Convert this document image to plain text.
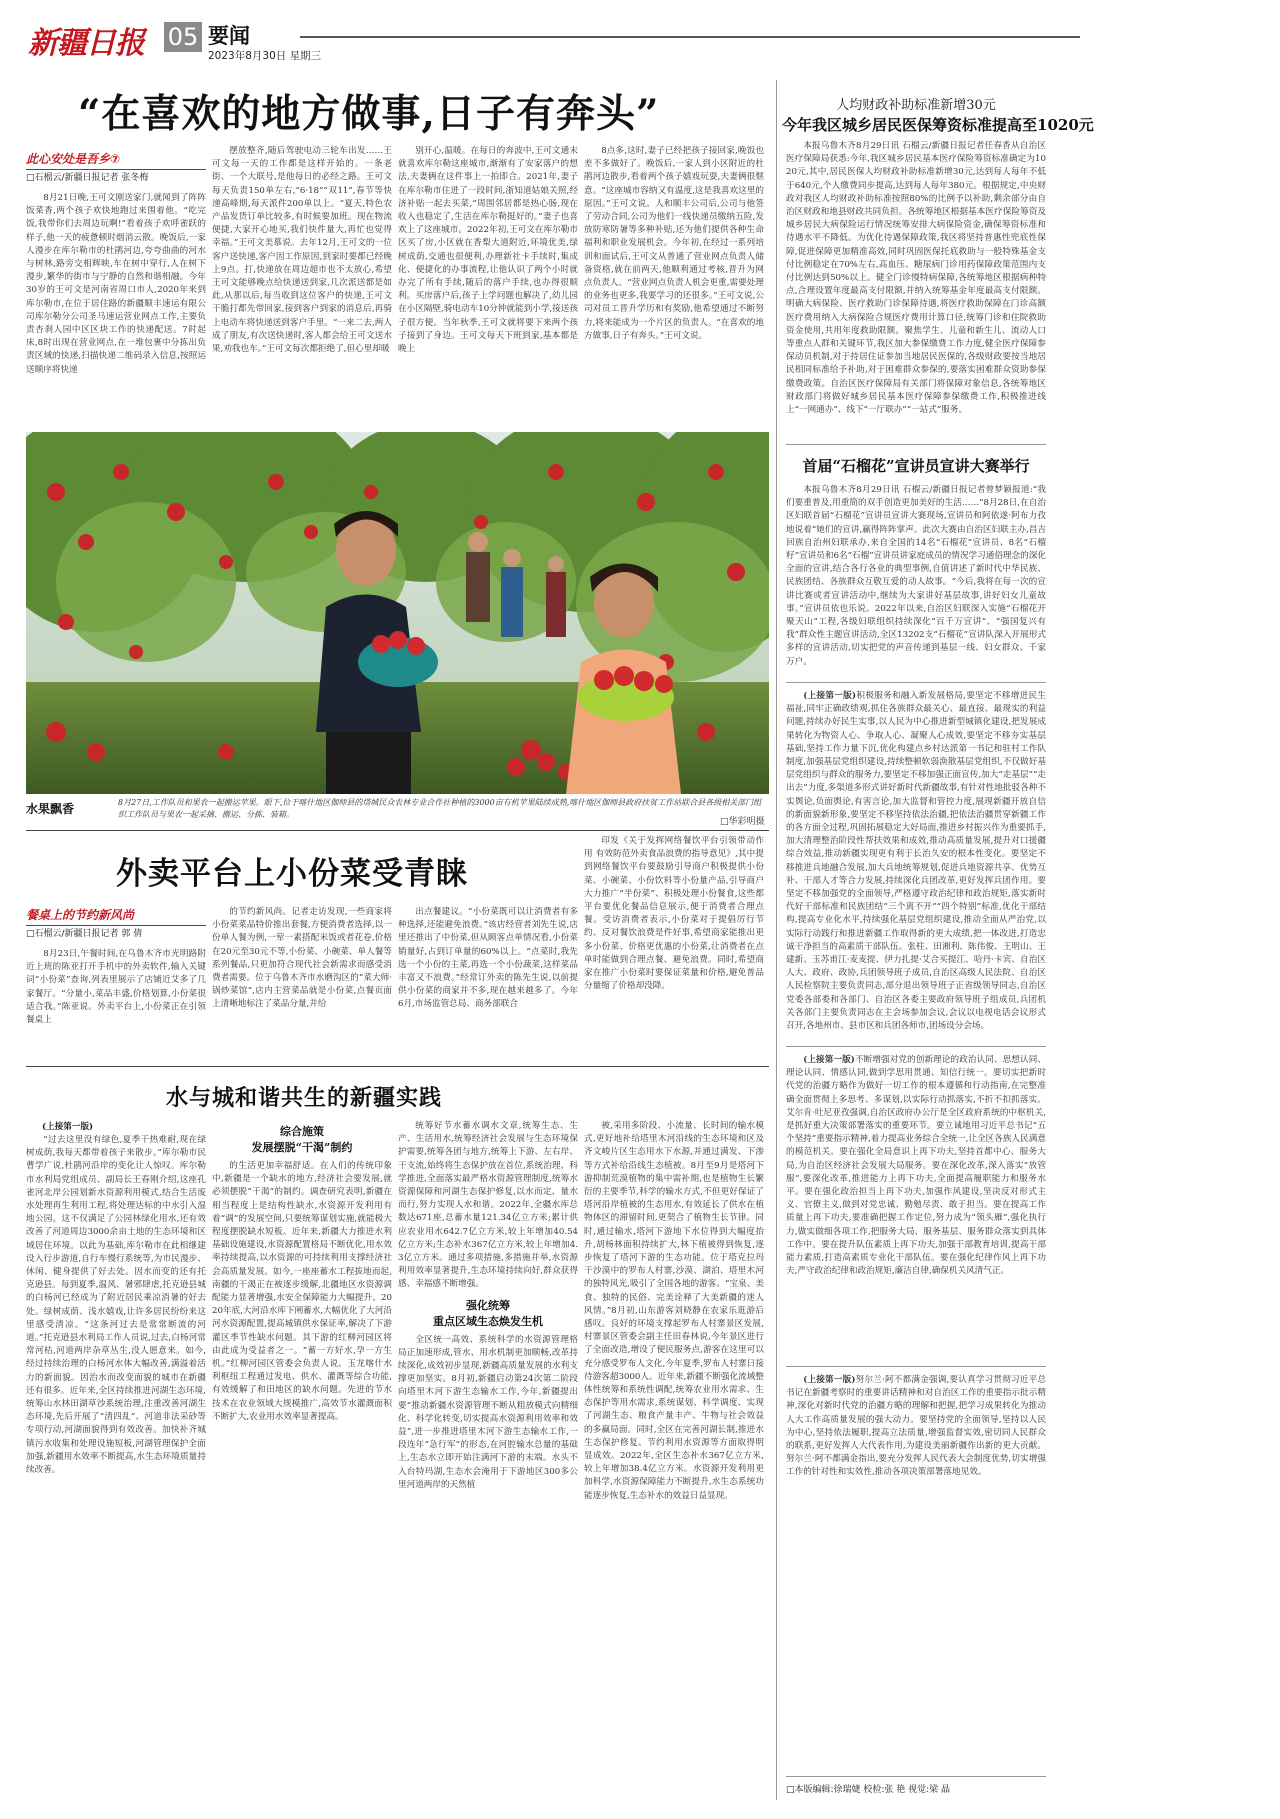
新疆日报 05 要闻
2023年8月30日 星期三
“在喜欢的地方做事,日子有奔头”
此心安处是吾乡⑦
□石榴云/新疆日报记者 张冬梅

8月21日晚,王可文刚送家门,就闻到了阵阵饭菜香,两个孩子欢快地跑过来围着他。“吃完饭,我带你们去周边玩啊!”看着孩子欢呼雀跃的样子,他一天的疲惫顿时烟消云散。晚饭后,一家人漫步在库尔勒市的杜鹃河边,夸夸曲曲的河水与树林,路旁交相辉映,车在树中穿行,人在树下漫步,繁华的街市与宁静的自然和谐相融。今年30岁的王可文是河南省周口市人,2020年来到库尔勒市,在位于居住路的新疆顺丰速运有限公司库尔勒分公司圣马速运营业网点工作,主要负责杏刹人园中区区块工作的快递配送。7时起床,8时出现在营业网点,在一堆包裹中分拣出负责区域的快递,扫描快递二维码录入信息,按照运送顺序将快递

摆放整齐,随后驾驶电动三轮车出发……王可文每一天的工作都是这样开始的。一条老街、一个大联号,是他每日的必经之路。王可文每天负责150单左右,“6·18”“双11”,春节等快递高峰期,每天派件200单以上。“夏天,特色农产品发货订单比较多,有时候要加班。现在物流便捷,大家开心地买,我们快件量大,再忙也觉得幸福。”王可文美慕说。去年12月,王可文的一位客户送快递,客户因工作原因,到家时要都已经晚上9点。打,快递放在周边超市也不太放心,希望王可文能够晚点给快递送到家,几次派送都是如此,从那以后,每当收到这位客户的快递,王可文干脆打都先带回家,接到客户到家的消息后,再骑上电动车将快递送到客户手里。“一来二去,两人成了朋友,有次送快递时,客人都会给王可文送水果,劝我也车。”王可文每次都拒绝了,但心里却暖

别开心,温暖。在每日的奔波中,王可文通末就喜欢库尔勒这座城市,渐渐有了安家落户的想法,夫妻俩在这件事上一拍即合。2021年,妻子在库尔勒市住进了一段时间,浙知道姑娘关照,经济补贴一起去买菜,“周围邻居都是热心肠,现在收入也稳定了,生活在库尔勒挺好的。”妻子也喜欢上了这座城市。2022年初,王可文在库尔勒市区买了房,小区就在香梨大道附近,环境优美,绿树成荫,交通也很便利,办理新社卡手续时,集成化、便捷化的办事流程,让他认识了两个小时就办完了所有手续,随后的落户手续,也办得很顺利。买房落户后,孩子上学问题也解决了,幼儿园在小区隔壁,骑电动车10分钟就能到小学,接送孩子很方便。当年秋季,王可文就将要下来两个孩子接到了身边。王可文每天下班到家,基本都是晚上

8点多,这时,妻子已经把孩子接回家,晚饭也差不多做好了。晚饭后,一家人到小区附近的杜鹃河边散步,看着两个孩子嬉戏玩耍,夫妻俩很惬意。“这座城市容纳又有温度,这是我喜欢这里的原因。”王可文说。人和顺丰公司后,公司与他签了劳动合同,公司为他们一线快递员缴纳五险,发放防寒防暑等多种补贴,还为他们提供各种生命福利和职业发展机会。今年初,在经过一系列培训和面试后,王可文从普通了营业网点负责人储备资格,就在前两天,他顺利通过考核,晋升为网点负责人。“营业网点负责人机会更重,需要处理的业务也更多,我要学习的还很多。”王可文说,公司对员工晋升学历和有奖励,他希望通过不断努力,将来能成为一个片区的负责人。“在喜欢的地方做事,日子有奔头。”王可文说。

水果飘香	8月27日,工作队员和果农一起搬运苹果。眼下,位于喀什地区伽师县的塔城民众农林专业合作社种植的3000亩有机苹果陆续成熟,喀什地区伽师县政府扶贫工作站联合县各级相关部门组织工作队员与果农一起采摘、搬运、分拣、装箱。
□华彩明摄
外卖平台上小份菜受青睐
餐桌上的节约新风尚
□石榴云/新疆日报记者 郭 倩

8月23日,午餐时间,在乌鲁木齐市光明路附近上班的陈亚打开手机中的外卖软件,输入关键词“小份菜”查询,列表里展示了店铺近艾多了几家餐厅。“分量小,菜品丰盛,价格划算,小份菜很适合我。”陈亚说。外卖平台上,小份菜正在引领餐桌上

的节约新风尚。记者走访发现,一些商家将小份菜菜品特价推出套餐,方便消费者选择,以一份单人餐为例,一荤一素搭配米饭或者花卷,价格在20元至30元不等,小份菜、小碗菜、单人餐等系列餐品,只更加符合现代社会新需求而感受消费者需要。位于乌鲁木齐市水磨沟区的“菜大师·锅炒菜馆”,店内主营菜品就是小份菜,点餐页面上清晰地标注了菜品分量,并给

出点餐建议。“小份菜既可以让消费者有多种选择,还能避免浪费。”该店经营者刘先生说,店里还推出了中份菜,但从顾客点单情况看,小份菜销量好,占到订单量的60%以上。“点菜时,我先选一个小份的主菜,再选一个小份蔬菜,这样菜品丰富又不浪费。”经常订外卖的陈先生说,以前提供小份菜的商家并不多,现在越来越多了。今年6月,市场监管总局、商务部联合

印发《关于发挥网络餐饮平台引领带动作用 有效防范外卖食品浪费的指导意见》,其中提到网络餐饮平台要鼓励引导商户积极提供小份菜、小碗菜、小份饮料等小份量产品,引导商户大力推广“半份菜”、积极处理小份餐食,这些都平台要优化餐品信息展示,便于消费者合理点餐。受访消费者表示,小份菜对于提倡厉行节约、反对餐饮浪费是件好事,希望商家能推出更多小份菜、价格更优惠的小份菜,让消费者在点单时能做到合理点餐、避免浪费。同时,希望商家在推广小份菜时要保证菜量和价格,避免普品分量缩了价格却没降。

水与城和谐共生的新疆实践
(上接第一版)

“过去这里没有绿色,夏季干热难耐,现在绿树成荫,我每天都带着孩子来散步。”库尔勒市民曹学广说,杜鹃河沿岸的变化让人惊叹。库尔勒市水利局党组成员、副局长王春刚介绍,这座孔雀河北岸公园划新水资源利用模式,结合生活废水处理再生利用工程,将处理达标的中水引入湿地公园。这不仅满足了公园林绿化用水,还有效改善了河道周边3000余亩土地的生态环境和区域居住环境。以此为基础,库尔勒市在此相继建设入行步游道,自行车慢行系统等,为市民漫步、休闲、健身提供了好去处。因水而变的还有托克逊县。每到夏季,温风、暑邪肆虐,托克逊县城的白杨河已经成为了附近居民乘凉消暑的好去处。绿树成荫、浅水嬉戏,让许多居民纷纷来这里感受清凉。“这条河过去是常常断流的河道。”托克逊县水利局工作人员说,过去,白杨河常常河枯,河道两岸杂草丛生,没人愿意来。如今,经过持续治理的白杨河水体大幅改善,满溢着活力的新面貌。因治水而改变面貌的城市在新疆还有很多。近年来,全区持续推进河湖生态环境,统筹山水林田湖草沙系统治理,注重改善河湖生态环境,先后开展了“清四乱”、河道非法采砂等专项行动,河湖面貌得到有效改善。加快补齐城镇污水收集和处理设施短板,河湖管理保护全面加强,新疆用水效率不断提高,水生态环境质量持续改善。

综合施策
发展摆脱“干渴”制约

的生活更加幸福舒适。在人们的传统印象中,新疆是一个缺水的地方,经济社会要发展,就必须摆脱“干渴”的制约。调查研究表明,新疆在相当程度上是结构性缺水,水资源开发利用有着“调”的发展空间,只要统筹谋划实施,就能极大程度摆脱缺水短板。近年来,新疆大力推进水利基础设施建设,水资源配置格局不断优化,用水效率持续提高,以水资源的可持续利用支撑经济社会高质量发展。如今,一座座蓄水工程拔地而起,南疆的干渴正在被逐步缓解,北疆地区水资源调配能力显著增强,水安全保障能力大幅提升。2020年底,大河沿水库下闸蓄水,大幅优化了大河沿河水资源配置,提高城镇供水保证率,解决了下游灌区季节性缺水问题。其下游的红柳河园区将由此成为受益者之一。“蓄一方好水,孕一方生机。”红柳河园区管委会负责人说。玉龙喀什水利枢纽工程通过发电、供水、灌溉等综合功能,有效缓解了和田地区的缺水问题。先进的节水技术在农业领域大规模推广,高效节水灌溉面积不断扩大,农业用水效率显著提高。

统筹好节水蓄水调水文章,统筹生态、生产、生活用水,统筹经济社会发展与生态环境保护需要,统筹各团与地方,统筹上下游、左右岸、干支流,始终将生态保护放在首位,系统治理、科学推进,全面落实最严格水资源管理制度,统筹水资源保障和河湖生态保护修复,以水而定、量水而行,努力实现人水和谐。2022年,全疆水库总数达671座,总蓄水量121.34亿立方米;累计供应农业用水642.7亿立方米,较上年增加40.54亿立方米;生态补水367亿立方米,较上年增加4.3亿立方米。通过多项措施,多措施并举,水资源利用效率显著提升,生态环境持续向好,群众获得感、幸福感不断增强。

强化统筹
重点区域生态焕发生机

全区统一高效、系统科学的水资源管理格局正加速形成,管水、用水机制更加顺畅,改革持续深化,成效初步显现,新疆高质量发展的水利支撑更加坚实。8月初,新疆启动第24次第二阶段向塔里木河下游生态输水工作,今年,新疆提出要“推动新疆水资源管理不断从粗放模式向精细化、科学化转变,切实提高水资源利用效率和效益”,进一步推进塔里木河下游生态输水工作,一段连年“急行军”的形态,在河腔输水总量的基础上,生态水立即开始注满河下游的末端。水头不入台特玛湖,生态水会淹用于下游地区300多公里河道两岸的天然植

被,采用多阶段、小流量、长时间的输水模式,更好地补给塔里木河沿线的生态环境和区及齐文峻片区生态用水下水源,并通过满发、下渗等方式补给沿线生态植被。8月至9月是塔河下游抑制荒漠植物的集中需补期,也是植物生长繁衍的主要季节,科学的输水方式,不但更好保证了塔河沿岸植被的生态用水,有效延长了供水在植物体区的滞留时间,更契合了植物生长节律。同时,通过输水,塔河下游地下水位得到大幅度抬升,胡杨林面积持续扩大,林下植被得到恢复,逐步恢复了塔河下游的生态功能。位于塔克拉玛干沙漠中的罗布人村寨,沙漠、湖泊、塔里木河的独特风光,吸引了全国各地的游客。“宝泉、美食、独特的民俗、完美诠释了大美新疆的迷人风情。”8月初,山东游客刘晓静在农家乐逛游后感叹。良好的环境支撑起罗布人村寨景区发展,村寨景区管委会副主任田春林说,今年景区进行了全面改造,增设了便民服务点,游客在这里可以充分感受罗布人文化,今年夏季,罗布人村寨日接待游客超3000人。近年来,新疆不断强化流域整体性统筹和系统性调配,统筹农业用水需求、生态保护等用水需求,系统谋划、科学调度、实现了河湖生态、粮食产量丰产、牛物与社会效益的多赢局面。同时,全区在完善河湖长制,推进水生态保护修复、节约利用水资源等方面取得明显成效。2022年,全区生态补水367亿立方米,较上年增加38.4亿立方米。水资源开发利用更加科学,水资源保障能力不断提升,水生态系统功能逐步恢复,生态补水的效益日益显现。

人均财政补助标准新增30元
今年我区城乡居民医保筹资标准提高至1020元

本报乌鲁木齐8月29日讯 石榴云/新疆日报记者任春香从自治区医疗保障局获悉:今年,我区城乡居民基本医疗保险筹资标准确定为1020元,其中,居民医保人均财政补助标准新增30元,达到每人每年不低于640元,个人缴费同步提高,达到每人每年380元。根据规定,中央财政对我区人均财政补助标准按照80%的比例予以补助,剩余部分由自治区财政和地县财政共同负担。各统筹地区根据基本医疗保险筹资及城乡居民大病保险运行情况统筹安排大病保险资金,确保筹资标准和待遇水平不降低。为优化待遇保障政策,我区将坚持普惠性兜底性保障,促进保障更加精准高效,同时巩固医保托底救助与一般特殊基金支付比例稳定在70%左右,高血压、糖尿病门诊用药保障政策范围内支付比例达到50%以上。健全门诊慢特病保障,各统筹地区根据病种特点,合理设置年度最高支付限额,并纳入统筹基金年度最高支付限额。明确大病保险、医疗救助门诊保障待遇,将医疗救助保障在门诊高额医疗费用纳入大病保险合规医疗费用计算口径,统筹门诊和住院救助资金使用,共用年度救助限额。聚焦学生、儿童和新生儿、流动人口等重点人群和关键环节,我区加大参保缴费工作力度,健全医疗保障参保动员机制,对于持居住证参加当地居民医保的,各级财政要按当地居民相同标准给予补助,对于困难群众参保的,要落实困难群众资助参保缴费政策。自治区医疗保障局有关部门将保障对象信息,各统筹地区财政部门将做好城乡居民基本医疗保障参保缴费工作,积极推进线上“一网通办”、线下“一厅联办”“一站式”服务。

首届“石榴花”宣讲员宣讲大赛举行

本报乌鲁木齐8月29日讯 石榴云/新疆日报记者曾梦颖报道:“我们要重普及,用重简的双手创造更加美好的生活……”8月28日,在自治区妇联首届“石榴花”宣讲员宣讲大赛现场,宣讲员和阿依遂·阿布力孜地说着“她们的宣讲,赢得阵阵掌声。此次大赛由自治区妇联主办,昌吉回族自治州妇联承办,来自全国的14名“石榴花”宣讲员、8名“石榴籽”宣讲员和6名“石榴”宣讲员讲家庭成员的情况学习通俗理念的深化全面的宣讲,结合各行各业的典型事例,自值讲述了新时代中华民族、民族团结、各族群众互敬互爱的动人故事。“今后,我将在每一次的宣讲比赛或者宣讲活动中,继续为大家讲好基层故事,讲好妇女儿童故事。”宣讲员依也乐说。2022年以来,自治区妇联深入实施“石榴花开聚天山”工程,各级妇联组织持续深化“百千万宣讲”、“强国复兴有我”群众性主题宣讲活动,全区13202支“石榴花”宣讲队深入开展形式多样的宣讲活动,切实把党的声音传递到基层一线、妇女群众、千家万户。

(上接第一版)积极服务和融入新发展格局,要坚定不移增进民生福祉,同牢正确政绩观,抓住各族群众最关心、最直接、最现实的利益问题,持续办好民生实事,以人民为中心推进新型城镇化建设,把发展成果转化为物资人心、争取人心、凝聚人心成效,要坚定不移夯实基层基础,坚持工作力量下沉,优化构建点乡村达派第一书记和驻村工作队制度,加强基层党组织建设,持续整顿软弱涣散基层党组织,不仅做好基层党组织与群众的服务力,要坚定不移加强正面宣传,加大“走基层”“走出去”力度,多渠道多形式讲好新时代新疆故事,有针对性地批驳各种不实舆论,负面舆论,有害言论,加大监督和管控力度,展现新疆开放自信的新面貌新形象,要坚定不移坚持依法治疆,把依法治疆贯穿新疆工作的各方面全过程,巩固拓展稳定大好局面,推进乡村振兴作为重要抓手,加大清理整治阶段性帮扶效果和成效,推动高质量发展,提升对口援疆综合效益,推动新疆实现更有利于长治久安的根本性变化。要坚定不移推进兵地融合发展,加大兵地统筹规划,促进兵地资源共享、优势互补、干部人才等合力发展,持续深化兵团改革,更好发挥兵团作用。要坚定不移加强党的全面领导,严格遵守政治纪律和政治规矩,落实新时代好干部标准和民族团结“三个离不开”“四个特别”标准,优化干部结构,提高专业化水平,持续强化基层党组织建设,推动全面从严治党,以实际行动践行和推进新疆工作取得新的更大成绩,把一体改进,打造忠诚干净担当的高素质干部队伍。张柱、田湘利、陈伟俊、王明山、王建新、玉苏甫江·麦麦提、伊力扎提·艾合买提江、哈丹·卡宾、自治区人大、政府、政协,兵团领导班子成员,自治区高级人民法院、自治区人民检察院主要负责同志,部分退出领导班子正省级领导同志,自治区党委各部委和各部门、自治区各委主要政府领导班子组成员,兵团机关各部门主要负责同志在主会场参加会议,会议以电视电话会议形式召开,各地州市、县市区和兵团各师市,团场设分会场。

(上接第一版)不断增强对党的创新理论的政治认同、思想认同、理论认同、情感认同,做到学思用贯通、知信行统一。要切实把新时代党的治疆方略作为做好一切工作的根本遵循和行动指南,在完整准确全面贯彻上多思考、多谋划,以实际行动抓落实,不折不扣抓落实。艾尔肯·吐尼亚孜强调,自治区政府办公厅是全区政府系统的中枢机关,是抓好重大决策部署落实的重要环节。要立诚地用习近平总书记“五个坚持”重要指示精神,着力提高业务综合全统一,让全区各族人民满意的模范机关。要在强化全局意识上再下功夫,坚持首都中心、服务大局,为自治区经济社会发展大局服务。要在深化改革,深入落实“放管服”,要深化改革,推进能力上再下功夫,全面提高履职能力和服务水平。要在强化政治担当上再下功夫,加强作风建设,坚决反对形式主义、官僚主义,做到对党忠诚、勤勉尽责、敢于担当。要在提高工作质量上再下功夫,要准确把握工作定位,努力成为“领头雁”,强化执行力,做实做细各项工作,把服务大局、服务基层、服务群众落实到具体工作中。要在提升队伍素质上再下功夫,加强干部教育培训,提高干部能力素质,打造高素质专业化干部队伍。要在强化纪律作风上再下功夫,严守政治纪律和政治规矩,廉洁自律,确保机关风清气正。

(上接第一版)努尔兰·阿不都满金强调,要认真学习贯彻习近平总书记在新疆考察时的重要讲话精神和对自治区工作的重要指示批示精神,深化对新时代党的治疆方略的理解和把握,把学习成果转化为推动人大工作高质量发展的强大动力。要坚持党的全面领导,坚持以人民为中心,坚持依法履职,提高立法质量,增强监督实效,密切同人民群众的联系,更好发挥人大代表作用,为建设美丽新疆作出新的更大贡献。努尔兰·阿不都满金指出,要充分发挥人民代表大会制度优势,切实增强工作的针对性和实效性,推动各项决策部署落地见效。

□本版编辑:徐瑞婕 校检:张 艳 视觉:梁 晶
